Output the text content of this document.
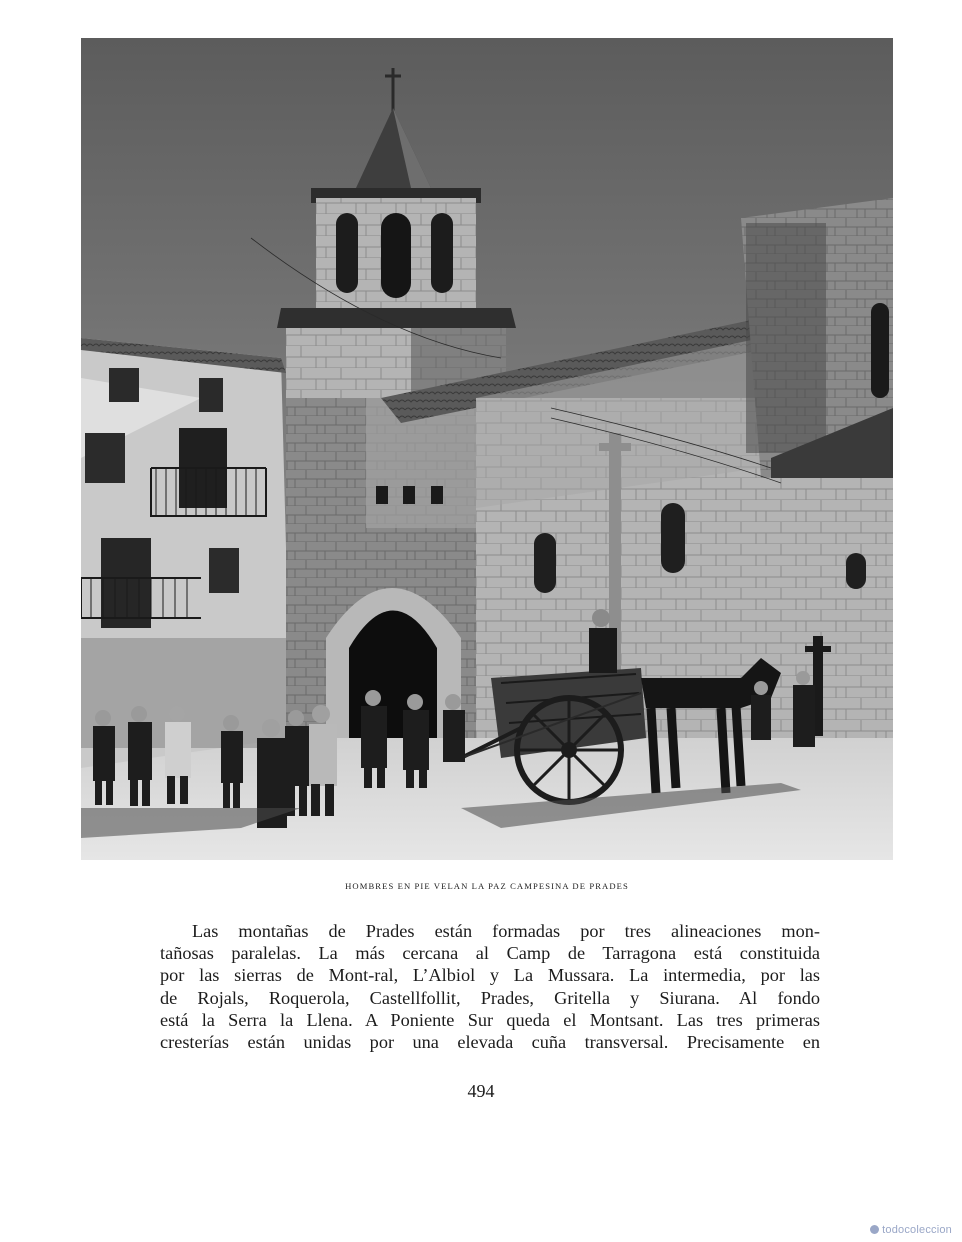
HOMBRES EN PIE VELAN LA PAZ CAMPESINA DE PRADES
Las montañas de Prades están formadas por tres alineaciones mon-
tañosas paralelas. La más cercana al Camp de Tarragona está constituida
por las sierras de Mont-ral, L’Albiol y La Mussara. La intermedia, por las
de Rojals, Roquerola, Castellfollit, Prades, Gritella y Siurana. Al fondo
está la Serra la Llena. A Poniente Sur queda el Montsant. Las tres primeras
cresterías están unidas por una elevada cuña transversal. Precisamente en
494
todocoleccion
